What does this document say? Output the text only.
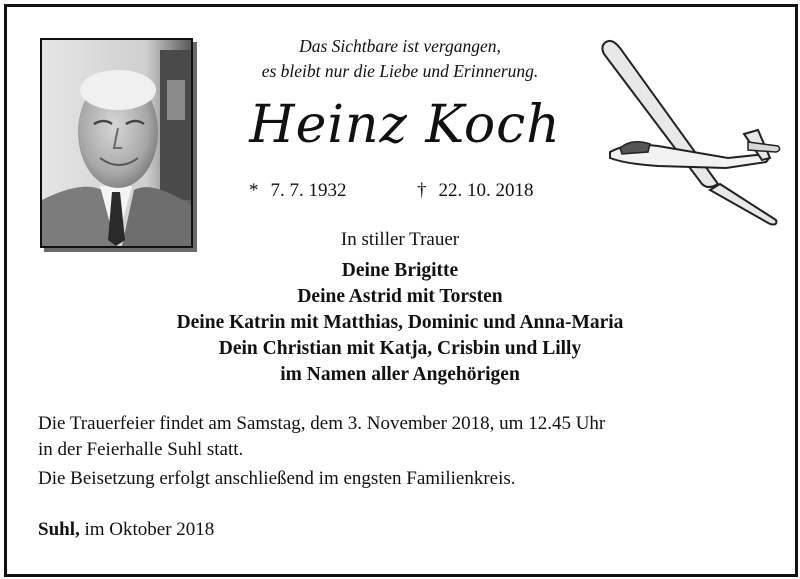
Das Sichtbare ist vergangen,
es bleibt nur die Liebe und Erinnerung.
Heinz Koch
* 7. 7. 1932	† 22. 10. 2018
In stiller Trauer
Deine Brigitte
Deine Astrid mit Torsten
Deine Katrin mit Matthias, Dominic und Anna-Maria
Dein Christian mit Katja, Crisbin und Lilly
im Namen aller Angehörigen
Die Trauerfeier findet am Samstag, dem 3. November 2018, um 12.45 Uhr
in der Feierhalle Suhl statt.
Die Beisetzung erfolgt anschließend im engsten Familienkreis.
Suhl, im Oktober 2018
